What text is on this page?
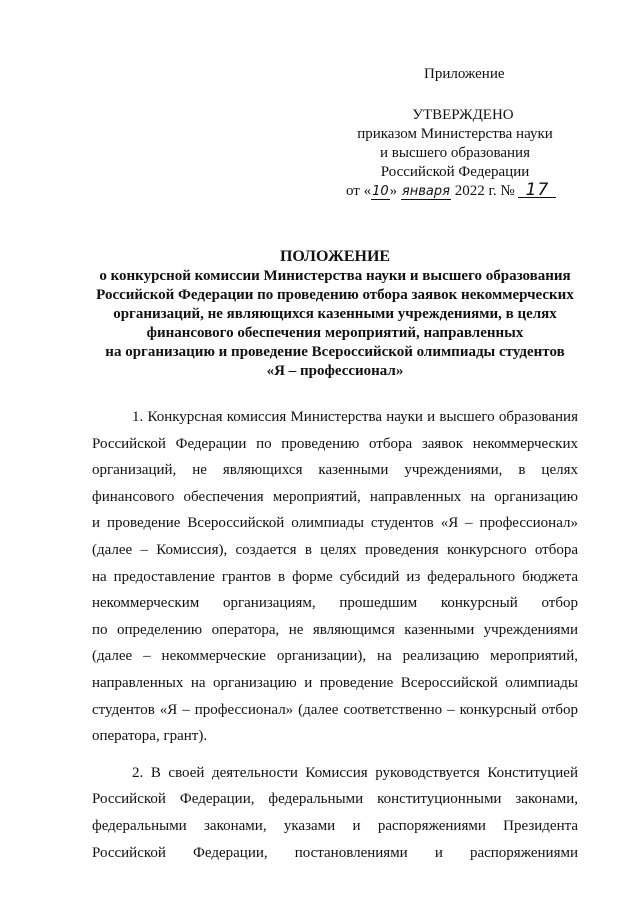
Приложение
УТВЕРЖДЕНО
приказом Министерства науки
и высшего образования
Российской Федерации
от «10» января 2022 г. № 17
ПОЛОЖЕНИЕ
о конкурсной комиссии Министерства науки и высшего образования
Российской Федерации по проведению отбора заявок некоммерческих
организаций, не являющихся казенными учреждениями, в целях
финансового обеспечения мероприятий, направленных
на организацию и проведение Всероссийской олимпиады студентов
«Я – профессионал»
1. Конкурсная комиссия Министерства науки и высшего образования
Российской Федерации по проведению отбора заявок некоммерческих
организаций, не являющихся казенными учреждениями, в целях
финансового обеспечения мероприятий, направленных на организацию
и проведение Всероссийской олимпиады студентов «Я – профессионал»
(далее – Комиссия), создается в целях проведения конкурсного отбора
на предоставление грантов в форме субсидий из федерального бюджета
некоммерческим организациям, прошедшим конкурсный отбор
по определению оператора, не являющимся казенными учреждениями
(далее – некоммерческие организации), на реализацию мероприятий,
направленных на организацию и проведение Всероссийской олимпиады
студентов «Я – профессионал» (далее соответственно – конкурсный отбор
оператора, грант).
2. В своей деятельности Комиссия руководствуется Конституцией
Российской Федерации, федеральными конституционными законами,
федеральными законами, указами и распоряжениями Президента
Российской Федерации, постановлениями и распоряжениями
